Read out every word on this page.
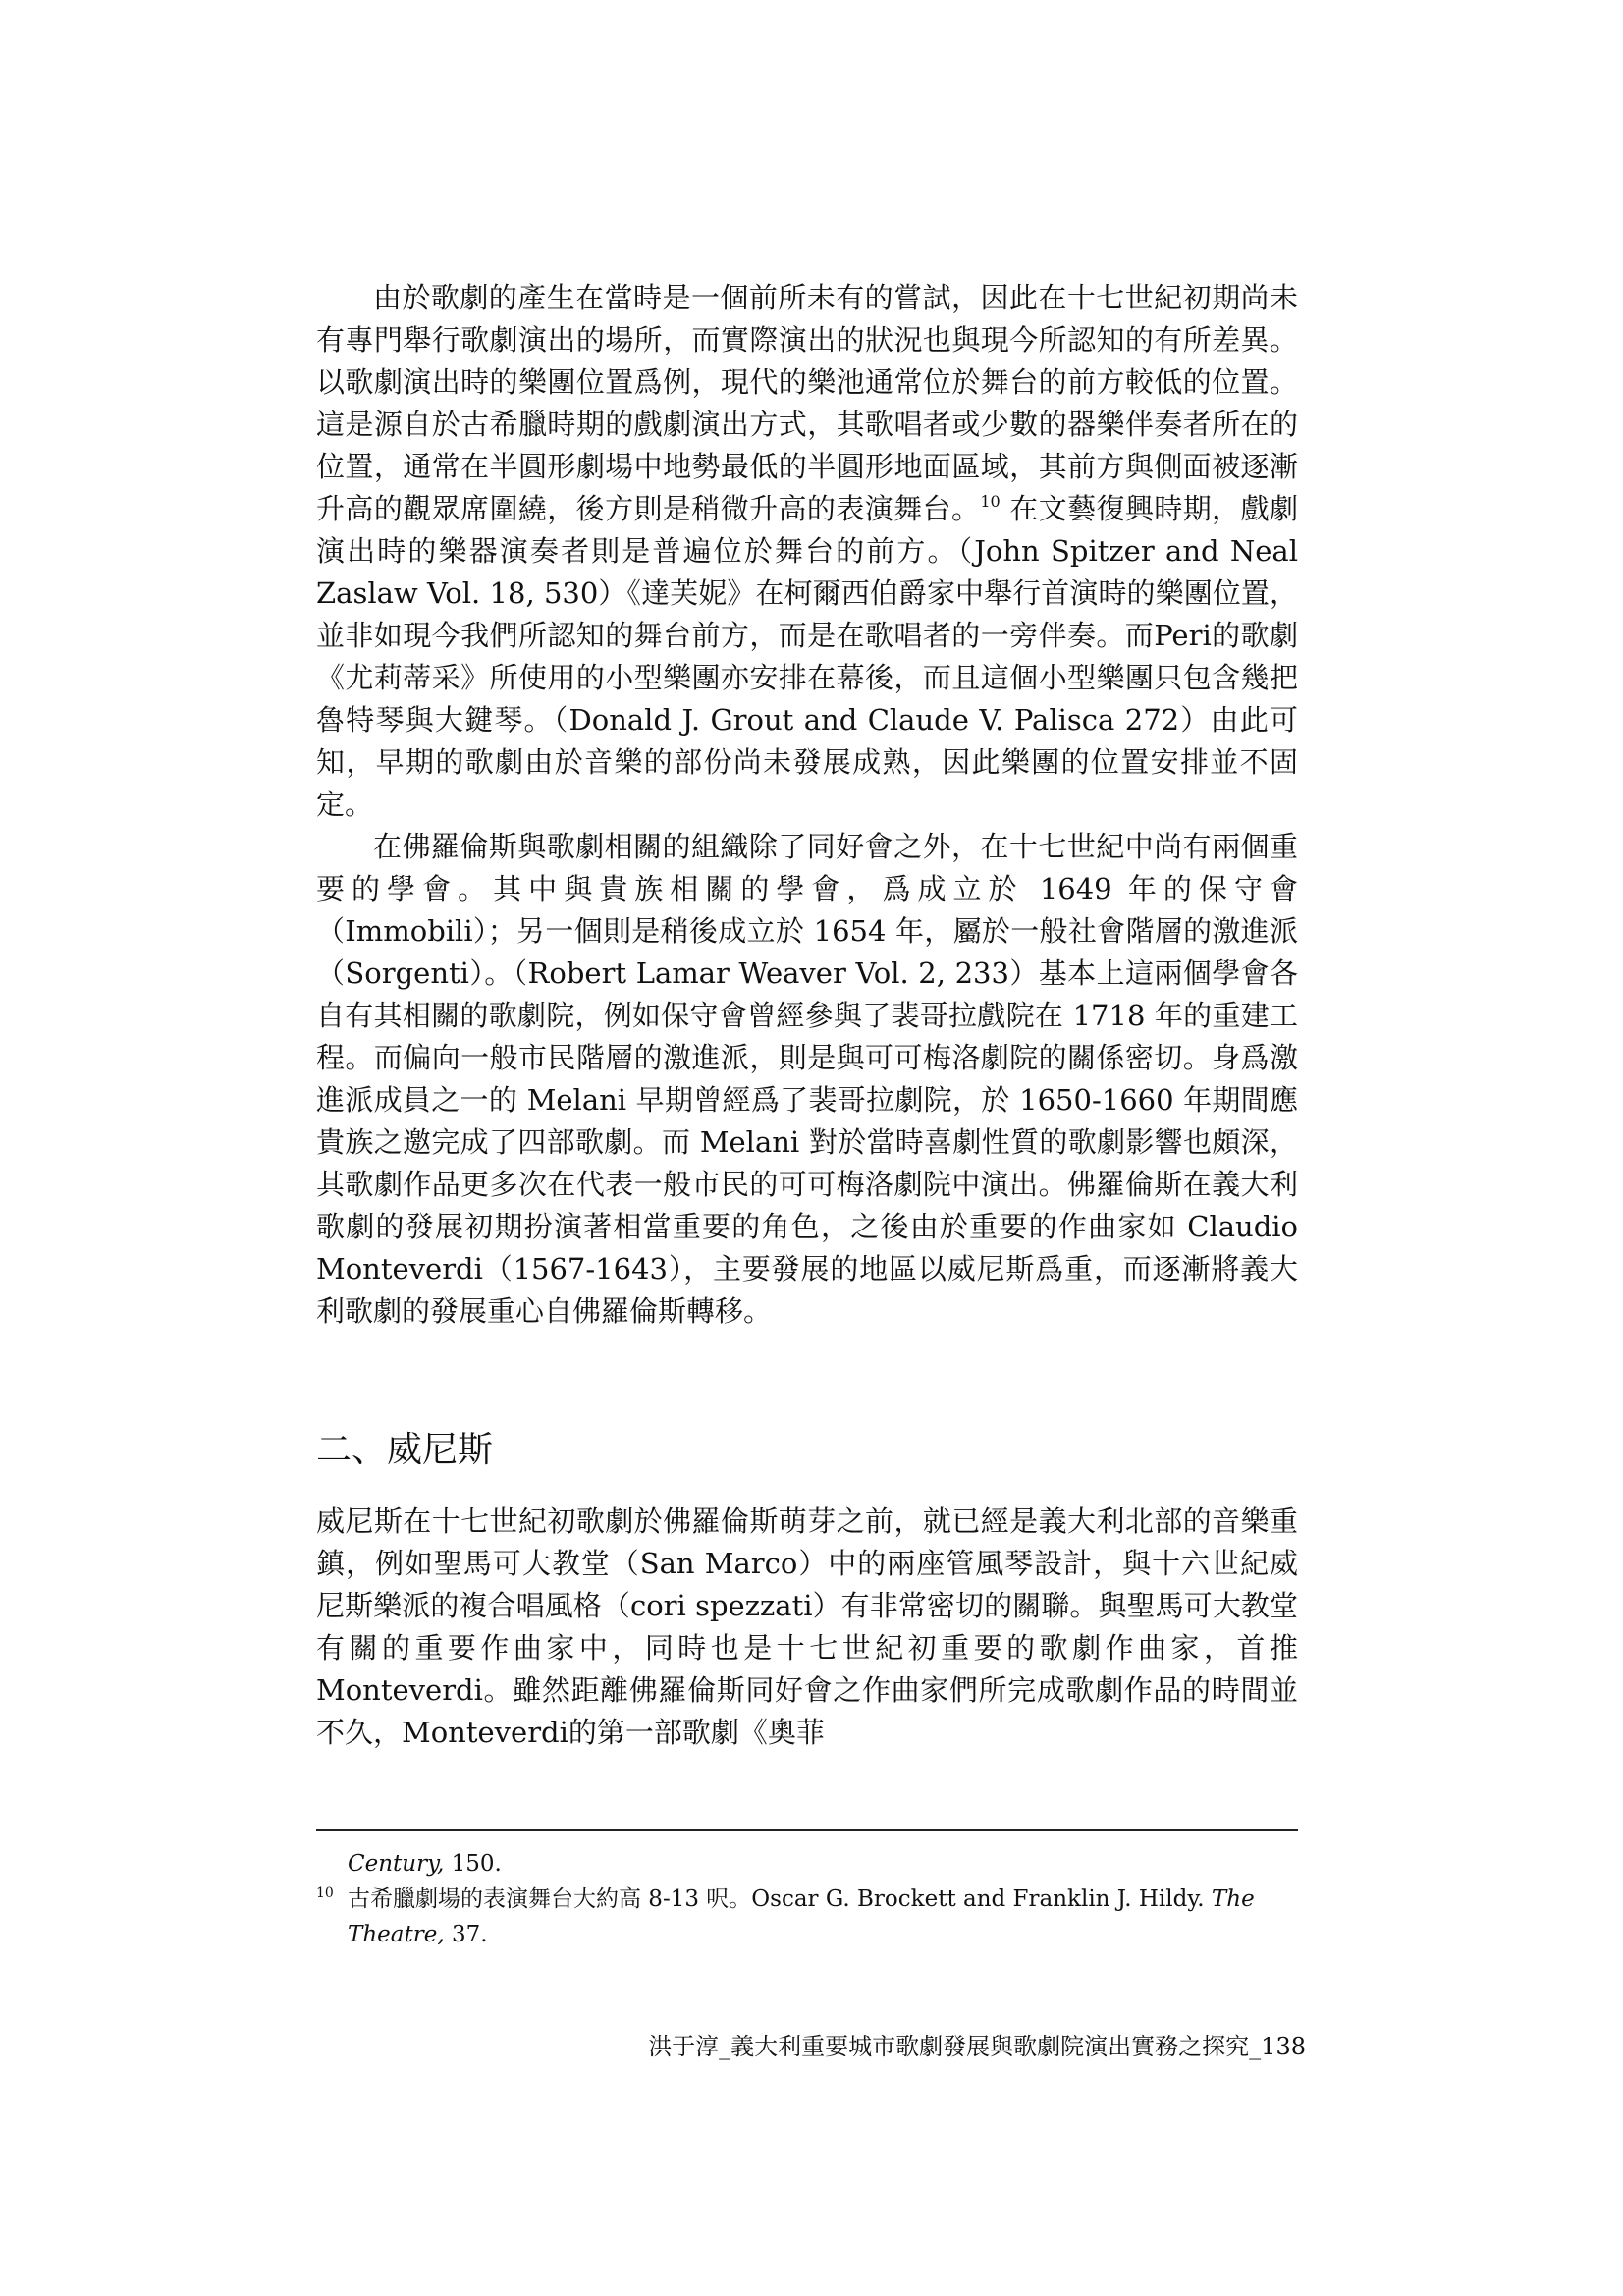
由於歌劇的產生在當時是一個前所未有的嘗試，因此在十七世紀初期尚未有專門舉行歌劇演出的場所，而實際演出的狀況也與現今所認知的有所差異。以歌劇演出時的樂團位置爲例，現代的樂池通常位於舞台的前方較低的位置。這是源自於古希臘時期的戲劇演出方式，其歌唱者或少數的器樂伴奏者所在的位置，通常在半圓形劇場中地勢最低的半圓形地面區域，其前方與側面被逐漸升高的觀眾席圍繞，後方則是稍微升高的表演舞台。$^{10}$ 在文藝復興時期，戲劇演出時的樂器演奏者則是普遍位於舞台的前方。（John Spitzer and Neal Zaslaw Vol. 18, 530）《達芙妮》在柯爾西伯爵家中舉行首演時的樂團位置，並非如現今我們所認知的舞台前方，而是在歌唱者的一旁伴奏。而Peri的歌劇《尤莉蒂采》所使用的小型樂團亦安排在幕後，而且這個小型樂團只包含幾把魯特琴與大鍵琴。（Donald J. Grout and Claude V. Palisca 272）由此可知，早期的歌劇由於音樂的部份尚未發展成熟，因此樂團的位置安排並不固定。

在佛羅倫斯與歌劇相關的組織除了同好會之外，在十七世紀中尚有兩個重要的學會。其中與貴族相關的學會，爲成立於 1649 年的保守會（Immobili）；另一個則是稍後成立於 1654 年，屬於一般社會階層的激進派（Sorgenti）。（Robert Lamar Weaver Vol. 2, 233）基本上這兩個學會各自有其相關的歌劇院，例如保守會曾經參與了裴哥拉戲院在 1718 年的重建工程。而偏向一般市民階層的激進派，則是與可可梅洛劇院的關係密切。身爲激進派成員之一的 Melani 早期曾經爲了裴哥拉劇院，於 1650-1660 年期間應貴族之邀完成了四部歌劇。而 Melani 對於當時喜劇性質的歌劇影響也頗深，其歌劇作品更多次在代表一般市民的可可梅洛劇院中演出。佛羅倫斯在義大利歌劇的發展初期扮演著相當重要的角色，之後由於重要的作曲家如 Claudio Monteverdi（1567-1643），主要發展的地區以威尼斯爲重，而逐漸將義大利歌劇的發展重心自佛羅倫斯轉移。

二、威尼斯

威尼斯在十七世紀初歌劇於佛羅倫斯萌芽之前，就已經是義大利北部的音樂重鎮，例如聖馬可大教堂（San Marco）中的兩座管風琴設計，與十六世紀威尼斯樂派的複合唱風格（cori spezzati）有非常密切的關聯。與聖馬可大教堂有關的重要作曲家中，同時也是十七世紀初重要的歌劇作曲家，首推Monteverdi。雖然距離佛羅倫斯同好會之作曲家們所完成歌劇作品的時間並不久，Monteverdi的第一部歌劇《奧菲

Century, 150.

$^{10}$ 古希臘劇場的表演舞台大約高 8-13 呎。Oscar G. Brockett and Franklin J. Hildy. The Theatre, 37.

洪于淳_義大利重要城市歌劇發展與歌劇院演出實務之探究_138
